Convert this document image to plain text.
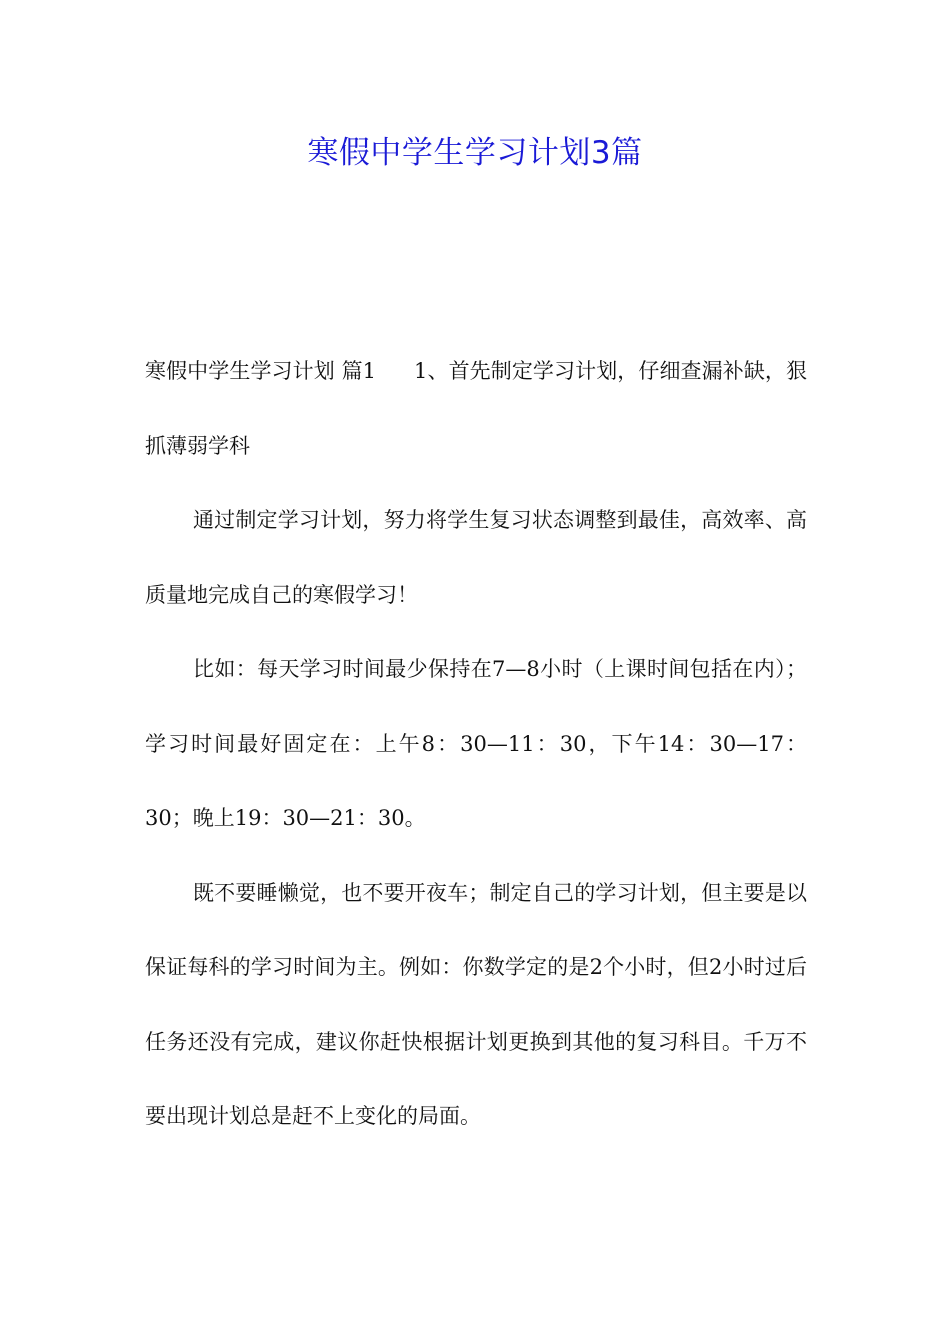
寒假中学生学习计划3篇

寒假中学生学习计划 篇1 1、首先制定学习计划，仔细查漏补缺，狠抓薄弱学科

通过制定学习计划，努力将学生复习状态调整到最佳，高效率、高质量地完成自己的寒假学习！

比如：每天学习时间最少保持在7—8小时（上课时间包括在内）；学习时间最好固定在：上午8：30—11：30，下午14：30—17：30；晚上19：30—21：30。

既不要睡懒觉，也不要开夜车；制定自己的学习计划，但主要是以保证每科的学习时间为主。例如：你数学定的是2个小时，但2小时过后任务还没有完成，建议你赶快根据计划更换到其他的复习科目。千万不要出现计划总是赶不上变化的局面。
